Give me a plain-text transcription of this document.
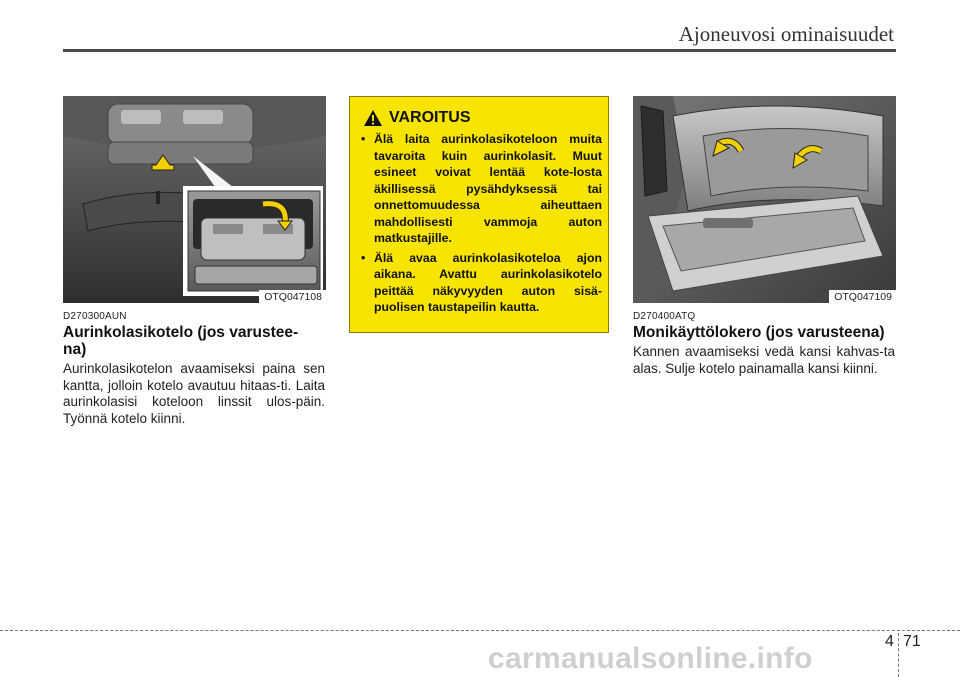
Ajoneuvosi ominaisuudet
OTQ047108
D270300AUN
Aurinkolasikotelo (jos varustee-
na)
Aurinkolasikotelon avaamiseksi paina sen kantta, jolloin kotelo avautuu hitaas-ti. Laita aurinkolasisi koteloon linssit ulos-päin. Työnnä kotelo kiinni.
VAROITUS
• Älä laita aurinkolasikoteloon muita tavaroita kuin aurinkolasit. Muut esineet voivat lentää kote-losta äkillisessä pysähdyksessä tai onnettomuudessa aiheuttaen mahdollisesti vammoja auton matkustajille.
• Älä avaa aurinkolasikoteloa ajon aikana. Avattu aurinkolasikotelo peittää näkyvyyden auton sisä-puolisen taustapeilin kautta.
OTQ047109
D270400ATQ
Monikäyttölokero (jos varusteena)
Kannen avaamiseksi vedä kansi kahvas-ta alas. Sulje kotelo painamalla kansi kiinni.
4 71
carmanualsonline.info
